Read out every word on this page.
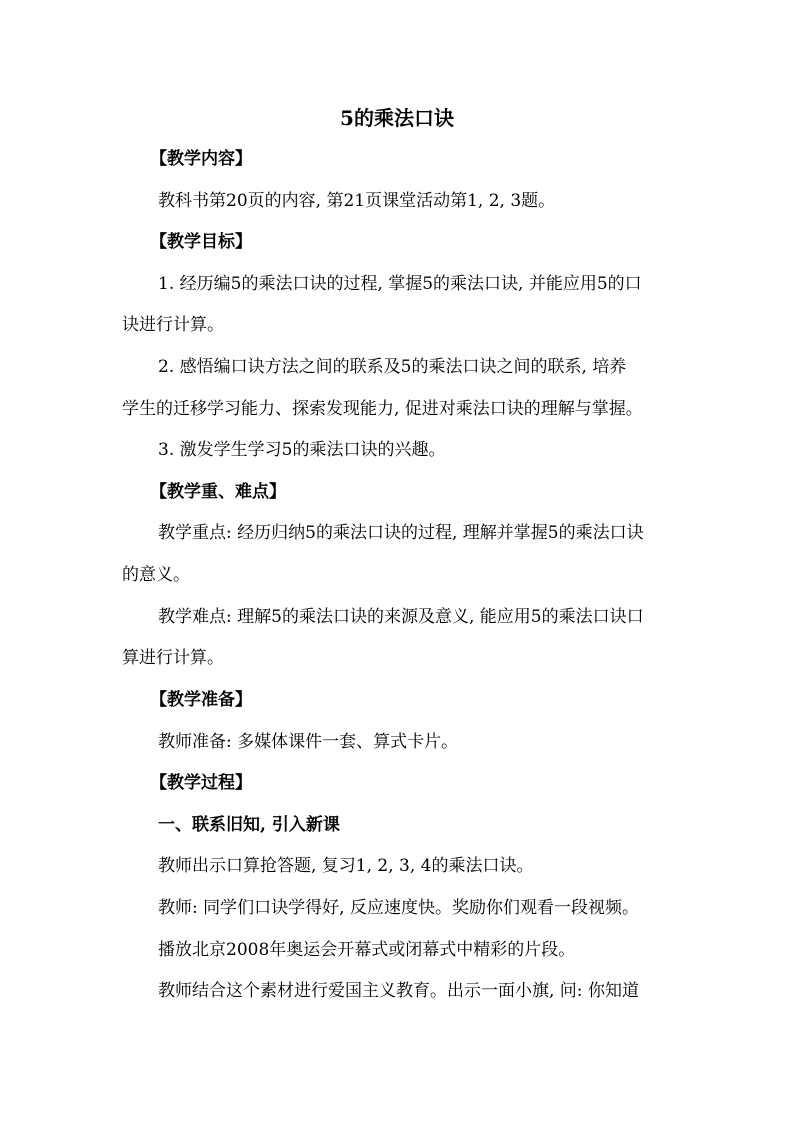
5的乘法口诀
【教学内容】
教科书第20页的内容, 第21页课堂活动第1, 2, 3题。
【教学目标】
1. 经历编5的乘法口诀的过程, 掌握5的乘法口诀, 并能应用5的口
诀进行计算。
2. 感悟编口诀方法之间的联系及5的乘法口诀之间的联系, 培养
学生的迁移学习能力、探索发现能力, 促进对乘法口诀的理解与掌握。
3. 激发学生学习5的乘法口诀的兴趣。
【教学重、难点】
教学重点: 经历归纳5的乘法口诀的过程, 理解并掌握5的乘法口诀
的意义。
教学难点: 理解5的乘法口诀的来源及意义, 能应用5的乘法口诀口
算进行计算。
【教学准备】
教师准备: 多媒体课件一套、算式卡片。
【教学过程】
一、联系旧知, 引入新课
教师出示口算抢答题, 复习1, 2, 3, 4的乘法口诀。
教师: 同学们口诀学得好, 反应速度快。奖励你们观看一段视频。
播放北京2008年奥运会开幕式或闭幕式中精彩的片段。
教师结合这个素材进行爱国主义教育。出示一面小旗, 问: 你知道
